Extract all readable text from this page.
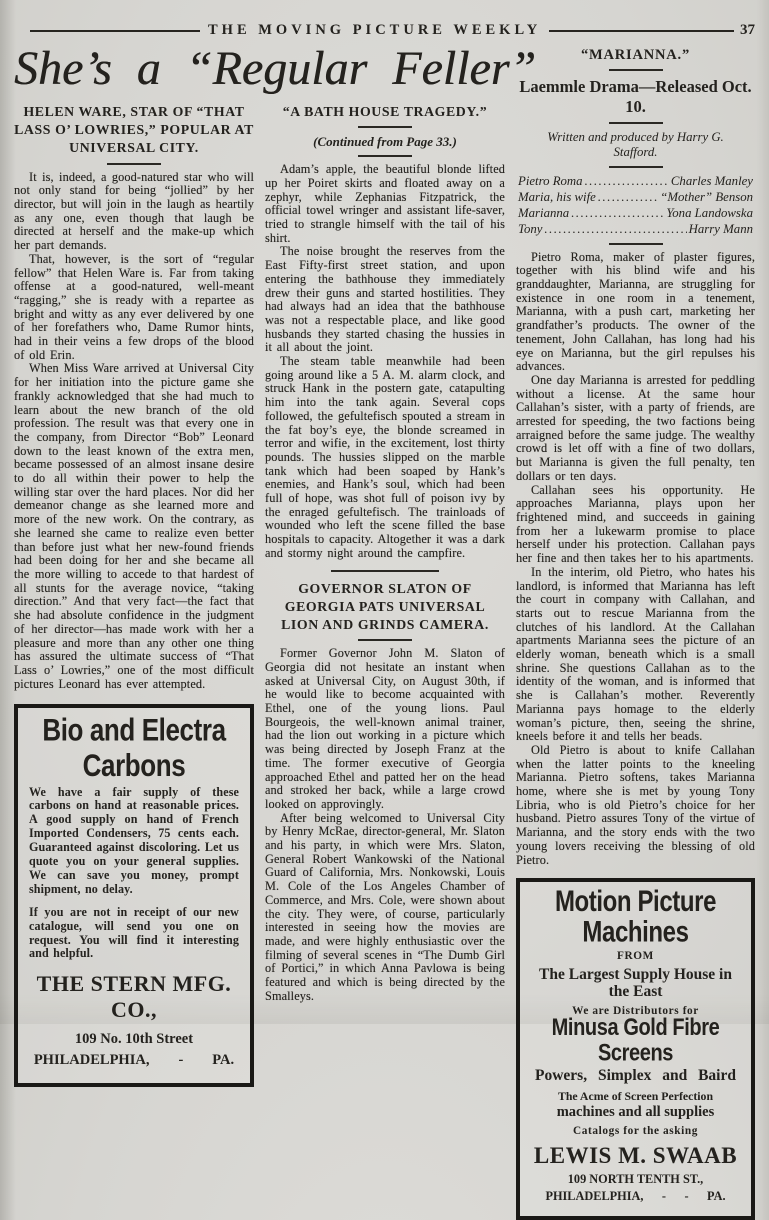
THE MOVING PICTURE WEEKLY	37
She’s a “Regular Feller”
HELEN WARE, STAR OF “THAT LASS O’ LOWRIES,” POPULAR AT UNIVERSAL CITY.

It is, indeed, a good-natured star who will not only stand for being “jollied” by her director, but will join in the laugh as heartily as any one, even though that laugh be directed at herself and the make-up which her part demands.

That, however, is the sort of “regular fellow” that Helen Ware is. Far from taking offense at a good-natured, well-meant “ragging,” she is ready with a repartee as bright and witty as any ever delivered by one of her forefathers who, Dame Rumor hints, had in their veins a few drops of the blood of old Erin.

When Miss Ware arrived at Universal City for her initiation into the picture game she frankly acknowledged that she had much to learn about the new branch of the old profession. The result was that every one in the company, from Director “Bob” Leonard down to the least known of the extra men, became possessed of an almost insane desire to do all within their power to help the willing star over the hard places. Nor did her demeanor change as she learned more and more of the new work. On the contrary, as she learned she came to realize even better than before just what her new-found friends had been doing for her and she became all the more willing to accede to that hardest of all stunts for the average novice, “taking direction.” And that very fact—the fact that she had absolute confidence in the judgment of her director—has made work with her a pleasure and more than any other one thing has assured the ultimate success of “That Lass o’ Lowries,” one of the most difficult pictures Leonard has ever attempted.

Bio and Electra Carbons

We have a fair supply of these carbons on hand at reasonable prices. A good supply on hand of French Imported Condensers, 75 cents each. Guaranteed against discoloring. Let us quote you on your general supplies. We can save you money, prompt shipment, no delay.

If you are not in receipt of our new catalogue, will send you one on request. You will find it interesting and helpful.

THE STERN MFG. CO.,
109 No. 10th Street
PHILADELPHIA,        -        PA.
“A BATH HOUSE TRAGEDY.”
(Continued from Page 33.)

Adam’s apple, the beautiful blonde lifted up her Poiret skirts and floated away on a zephyr, while Zephanias Fitzpatrick, the official towel wringer and assistant life-saver, tried to strangle himself with the tail of his shirt.

The noise brought the reserves from the East Fifty-first street station, and upon entering the bathhouse they immediately drew their guns and started hostilities. They had always had an idea that the bathhouse was not a respectable place, and like good husbands they started chasing the hussies in it all about the joint.

The steam table meanwhile had been going around like a 5 A. M. alarm clock, and struck Hank in the postern gate, catapulting him into the tank again. Several cops followed, the gefultefisch spouted a stream in the fat boy’s eye, the blonde screamed in terror and wifie, in the excitement, lost thirty pounds. The hussies slipped on the marble tank which had been soaped by Hank’s enemies, and Hank’s soul, which had been full of hope, was shot full of poison ivy by the enraged gefultefisch. The trainloads of wounded who left the scene filled the base hospitals to capacity. Altogether it was a dark and stormy night around the campfire.

GOVERNOR SLATON OF GEORGIA PATS UNIVERSAL LION AND GRINDS CAMERA.

Former Governor John M. Slaton of Georgia did not hesitate an instant when asked at Universal City, on August 30th, if he would like to become acquainted with Ethel, one of the young lions. Paul Bourgeois, the well-known animal trainer, had the lion out working in a picture which was being directed by Joseph Franz at the time. The former executive of Georgia approached Ethel and patted her on the head and stroked her back, while a large crowd looked on approvingly.

After being welcomed to Universal City by Henry McRae, director-general, Mr. Slaton and his party, in which were Mrs. Slaton, General Robert Wankowski of the National Guard of California, Mrs. Nonkowski, Louis M. Cole of the Los Angeles Chamber of Commerce, and Mrs. Cole, were shown about the city. They were, of course, particularly interested in seeing how the movies are made, and were highly enthusiastic over the filming of several scenes in “The Dumb Girl of Portici,” in which Anna Pavlowa is being featured and which is being directed by the Smalleys.

“MARIANNA.”
Laemmle Drama—Released Oct. 10.
Written and produced by Harry G. Stafford.
Pietro Roma .....	Charles Manley
Maria, his wife .....	“Mother” Benson
Marianna .....	Yona Landowska
Tony .....	Harry Mann

Pietro Roma, maker of plaster figures, together with his blind wife and his granddaughter, Marianna, are struggling for existence in one room in a tenement, Marianna, with a push cart, marketing her grandfather’s products. The owner of the tenement, John Callahan, has long had his eye on Marianna, but the girl repulses his advances.

One day Marianna is arrested for peddling without a license. At the same hour Callahan’s sister, with a party of friends, are arrested for speeding, the two factions being arraigned before the same judge. The wealthy crowd is let off with a fine of two dollars, but Marianna is given the full penalty, ten dollars or ten days.

Callahan sees his opportunity. He approaches Marianna, plays upon her frightened mind, and succeeds in gaining from her a lukewarm promise to place herself under his protection. Callahan pays her fine and then takes her to his apartments.

In the interim, old Pietro, who hates his landlord, is informed that Marianna has left the court in company with Callahan, and starts out to rescue Marianna from the clutches of his landlord. At the Callahan apartments Marianna sees the picture of an elderly woman, beneath which is a small shrine. She questions Callahan as to the identity of the woman, and is informed that she is Callahan’s mother. Reverently Marianna pays homage to the elderly woman’s picture, then, seeing the shrine, kneels before it and tells her beads.

Old Pietro is about to knife Callahan when the latter points to the kneeling Marianna. Pietro softens, takes Marianna home, where she is met by young Tony Libria, who is old Pietro’s choice for her husband. Pietro assures Tony of the virtue of Marianna, and the story ends with the two young lovers receiving the blessing of old Pietro.

Motion Picture Machines
FROM
The Largest Supply House in the East
We are Distributors for
Minusa Gold Fibre Screens
Powers, Simplex and Baird
The Acme of Screen Perfection
machines and all supplies
Catalogs for the asking
LEWIS M. SWAAB
109 NORTH TENTH ST.,
PHILADELPHIA,      -      -      PA.
